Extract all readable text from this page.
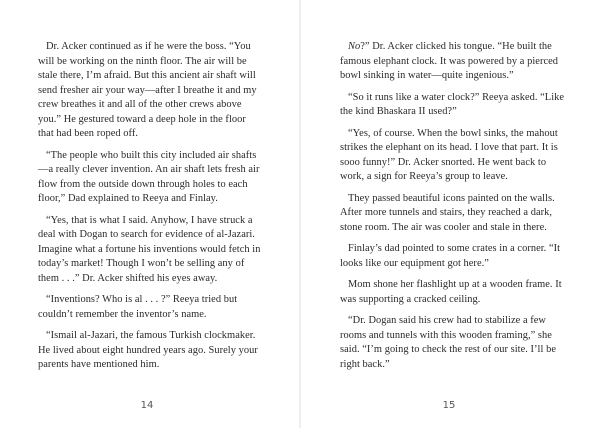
Dr. Acker continued as if he were the boss. “You will be working on the ninth floor. The air will be stale there, I’m afraid. But this ancient air shaft will send fresher air your way—after I breathe it and my crew breathes it and all of the other crews above you.” He gestured toward a deep hole in the floor that had been roped off.

“The people who built this city included air shafts—a really clever invention. An air shaft lets fresh air flow from the outside down through holes to each floor,” Dad explained to Reeya and Finlay.

“Yes, that is what I said. Anyhow, I have struck a deal with Dogan to search for evidence of al-Jazari. Imagine what a fortune his inventions would fetch in today’s market! Though I won’t be selling any of them . . .” Dr. Acker shifted his eyes away.

“Inventions? Who is al . . . ?” Reeya tried but couldn’t remember the inventor’s name.

“Ismail al-Jazari, the famous Turkish clockmaker. He lived about eight hundred years ago. Surely your parents have mentioned him.

14

No?” Dr. Acker clicked his tongue. “He built the famous elephant clock. It was powered by a pierced bowl sinking in water—quite ingenious.”

“So it runs like a water clock?” Reeya asked. “Like the kind Bhaskara II used?”

“Yes, of course. When the bowl sinks, the mahout strikes the elephant on its head. I love that part. It is sooo funny!” Dr. Acker snorted. He went back to work, a sign for Reeya’s group to leave.

They passed beautiful icons painted on the walls. After more tunnels and stairs, they reached a dark, stone room. The air was cooler and stale in there.

Finlay’s dad pointed to some crates in a corner. “It looks like our equipment got here.”

Mom shone her flashlight up at a wooden frame. It was supporting a cracked ceiling.

“Dr. Dogan said his crew had to stabilize a few rooms and tunnels with this wooden framing,” she said. “I’m going to check the rest of our site. I’ll be right back.”

15
